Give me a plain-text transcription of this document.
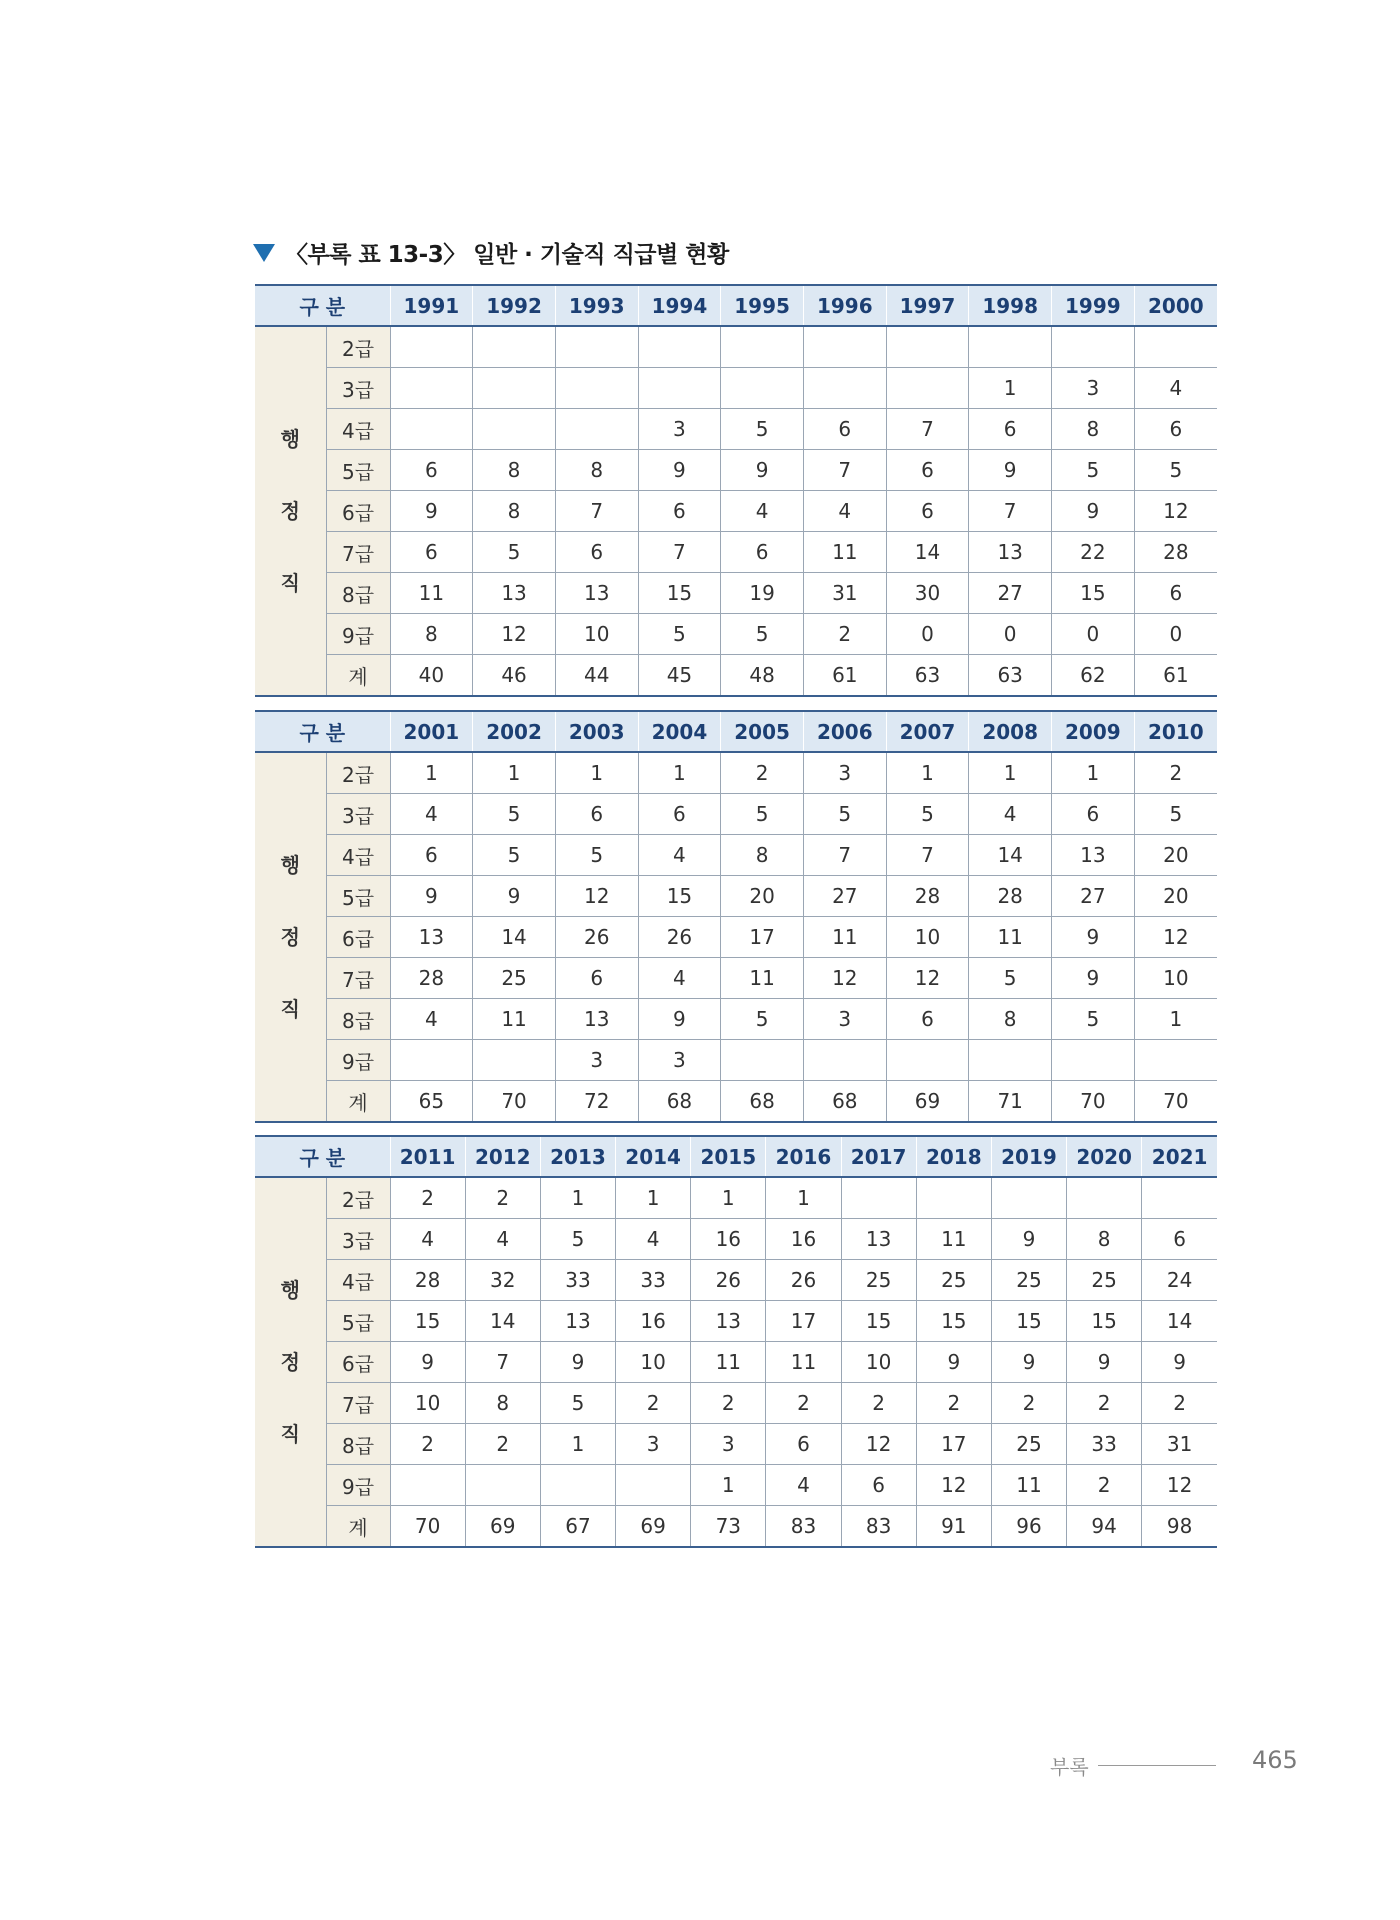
〈부록 표 13-3〉 일반 · 기술직 직급별 현황
구 분		1991	1992	1993	1994	1995	1996	1997	1998	1999	2000
행
정
직	2급										
	3급								1	3	4
	4급				3	5	6	7	6	8	6
	5급	6	8	8	9	9	7	6	9	5	5
	6급	9	8	7	6	4	4	6	7	9	12
	7급	6	5	6	7	6	11	14	13	22	28
	8급	11	13	13	15	19	31	30	27	15	6
	9급	8	12	10	5	5	2	0	0	0	0
	계	40	46	44	45	48	61	63	63	62	61
구 분		2001	2002	2003	2004	2005	2006	2007	2008	2009	2010
행
정
직	2급	1	1	1	1	2	3	1	1	1	2
	3급	4	5	6	6	5	5	5	4	6	5
	4급	6	5	5	4	8	7	7	14	13	20
	5급	9	9	12	15	20	27	28	28	27	20
	6급	13	14	26	26	17	11	10	11	9	12
	7급	28	25	6	4	11	12	12	5	9	10
	8급	4	11	13	9	5	3	6	8	5	1
	9급			3	3						
	계	65	70	72	68	68	68	69	71	70	70
구 분		2011	2012	2013	2014	2015	2016	2017	2018	2019	2020	2021
행
정
직	2급	2	2	1	1	1	1					
	3급	4	4	5	4	16	16	13	11	9	8	6
	4급	28	32	33	33	26	26	25	25	25	25	24
	5급	15	14	13	16	13	17	15	15	15	15	14
	6급	9	7	9	10	11	11	10	9	9	9	9
	7급	10	8	5	2	2	2	2	2	2	2	2
	8급	2	2	1	3	3	6	12	17	25	33	31
	9급					1	4	6	12	11	2	12
	계	70	69	67	69	73	83	83	91	96	94	98
부록	465
